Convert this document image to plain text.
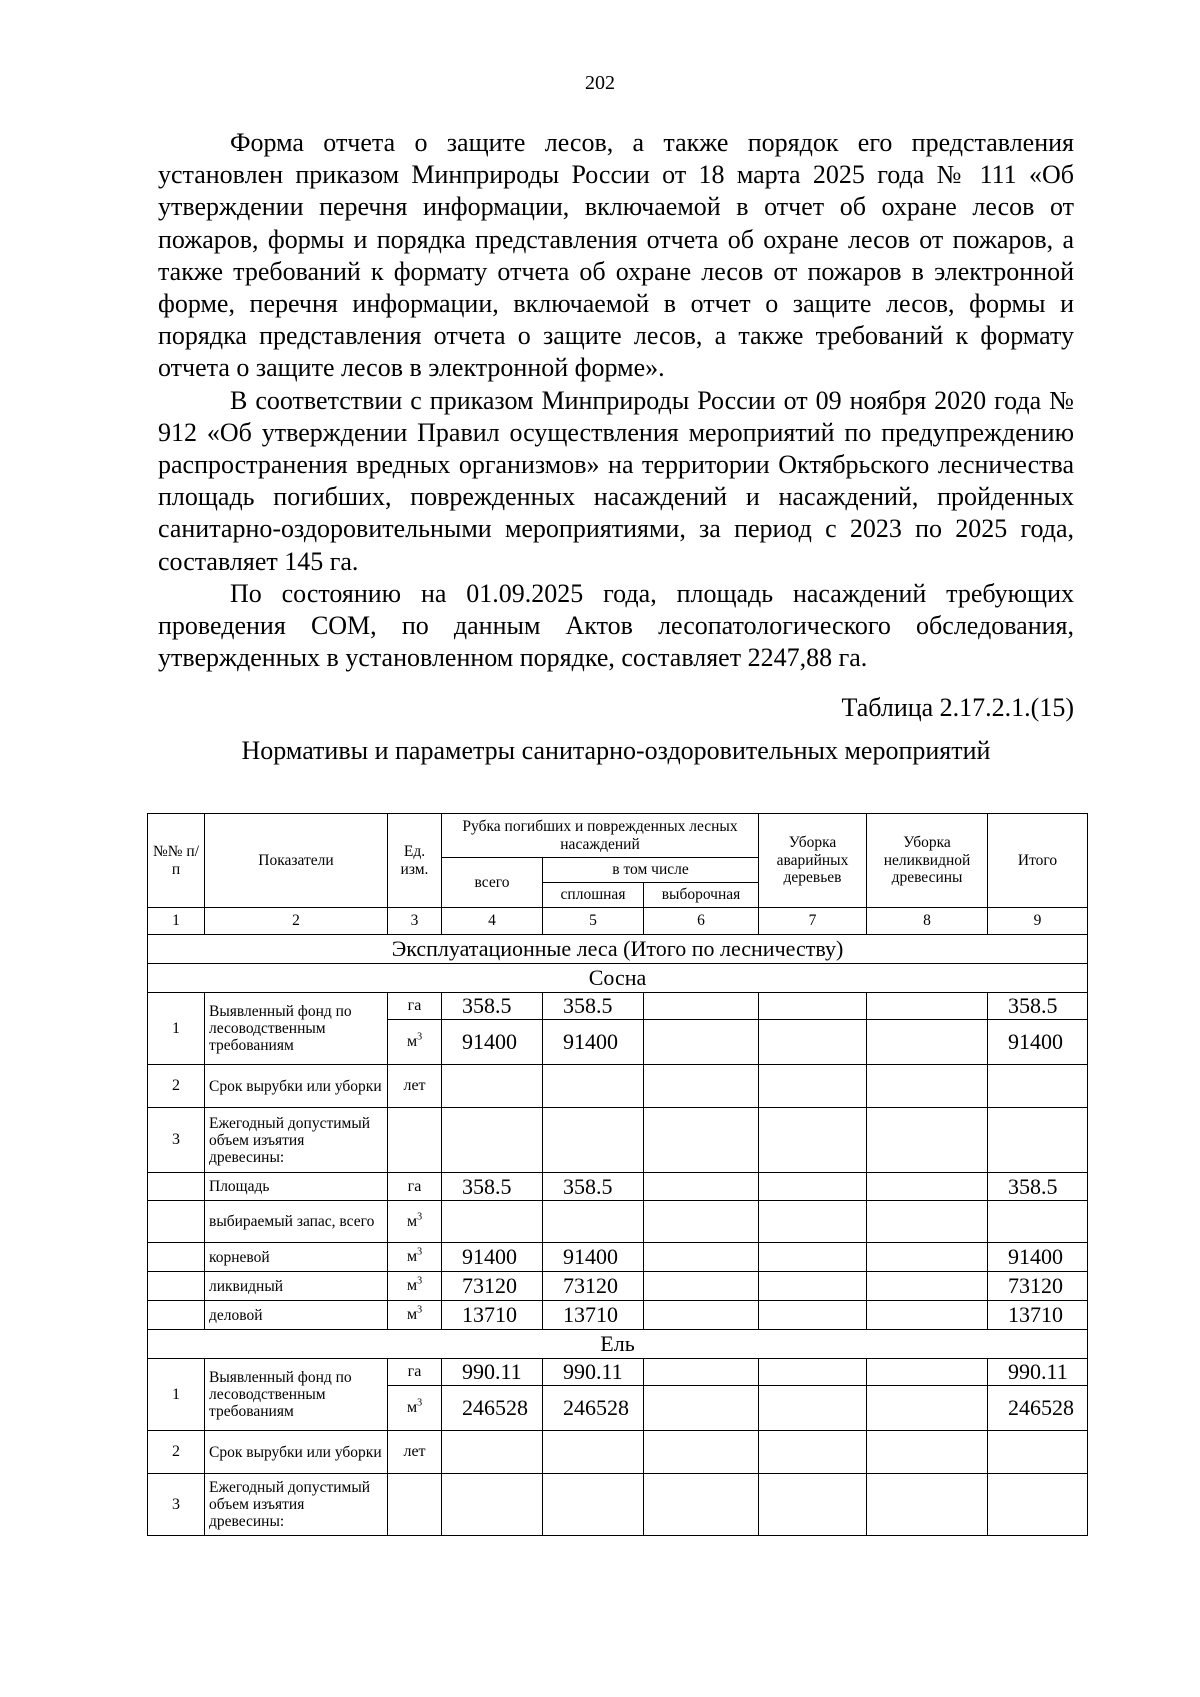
202

Форма отчета о защите лесов, а также порядок его представления установлен приказом Минприроды России от 18 марта 2025 года № 111 «Об утверждении перечня информации, включаемой в отчет об охране лесов от пожаров, формы и порядка представления отчета об охране лесов от пожаров, а также требований к формату отчета об охране лесов от пожаров в электронной форме, перечня информации, включаемой в отчет о защите лесов, формы и порядка представления отчета о защите лесов, а также требований к формату отчета о защите лесов в электронной форме».

В соответствии с приказом Минприроды России от 09 ноября 2020 года № 912 «Об утверждении Правил осуществления мероприятий по предупреждению распространения вредных организмов» на территории Октябрьского лесничества площадь погибших, поврежденных насаждений и насаждений, пройденных санитарно-оздоровительными мероприятиями, за период с 2023 по 2025 года, составляет 145 га.

По состоянию на 01.09.2025 года, площадь насаждений требующих проведения СОМ, по данным Актов лесопатологического обследования, утвержденных в установленном порядке, составляет 2247,88 га.

Таблица 2.17.2.1.(15)
Нормативы и параметры санитарно-оздоровительных мероприятий
№№ п/п	Показатели	Ед. изм.	Рубка погибших и поврежденных лесных насаждений			Уборка аварийных деревьев	Уборка неликвидной древесины	Итого
			всего	в том числе				
				сплошная	выборочная			
1	2	3	4	5	6	7	8	9
Эксплуатационные леса (Итого по лесничеству)								
Сосна								
1	Выявленный фонд по лесоводственным требованиям	га	358.5	358.5				358.5
		$м^3$	91400	91400				91400
2	Срок вырубки или уборки	лет						
3	Ежегодный допустимый объем изъятия древесины:							
	Площадь	га	358.5	358.5				358.5
	выбираемый запас, всего	$м^3$						
	корневой	$м^3$	91400	91400				91400
	ликвидный	$м^3$	73120	73120				73120
	деловой	$м^3$	13710	13710				13710
Ель								
1	Выявленный фонд по лесоводственным требованиям	га	990.11	990.11				990.11
		$м^3$	246528	246528				246528
2	Срок вырубки или уборки	лет						
3	Ежегодный допустимый объем изъятия древесины:							
